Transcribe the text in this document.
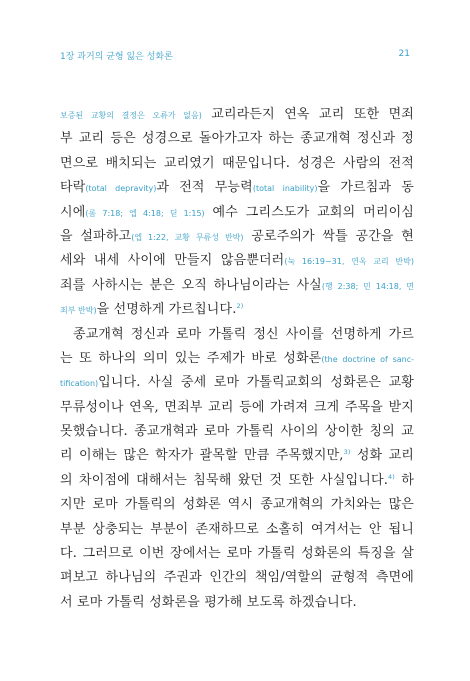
1장 과거의 균형 잃은 성화론	21
보증된 교황의 결정은 오류가 없음) 교리라든지 연옥 교리 또한 면죄
부 교리 등은 성경으로 돌아가고자 하는 종교개혁 정신과 정
면으로 배치되는 교리였기 때문입니다. 성경은 사람의 전적
타락(total depravity)과 전적 무능력(total inability)을 가르침과 동
시에(롬 7:18; 엡 4:18; 딛 1:15) 예수 그리스도가 교회의 머리이심
을 설파하고(엡 1:22, 교황 무류성 반박) 공로주의가 싹틀 공간을 현
세와 내세 사이에 만들지 않음뿐더러(눅 16:19~31, 연옥 교리 반박)
죄를 사하시는 분은 오직 하나님이라는 사실(행 2:38; 민 14:18, 면
죄부 반박)을 선명하게 가르칩니다.$^{2)}$
종교개혁 정신과 로마 가톨릭 정신 사이를 선명하게 가르
는 또 하나의 의미 있는 주제가 바로 성화론(the doctrine of sanc-
tification)입니다. 사실 중세 로마 가톨릭교회의 성화론은 교황
무류성이나 연옥, 면죄부 교리 등에 가려져 크게 주목을 받지
못했습니다. 종교개혁과 로마 가톨릭 사이의 상이한 칭의 교
리 이해는 많은 학자가 괄목할 만큼 주목했지만,$^{3)}$ 성화 교리
의 차이점에 대해서는 침묵해 왔던 것 또한 사실입니다.$^{4)}$ 하
지만 로마 가톨릭의 성화론 역시 종교개혁의 가치와는 많은
부분 상충되는 부분이 존재하므로 소홀히 여겨서는 안 됩니
다. 그러므로 이번 장에서는 로마 가톨릭 성화론의 특징을 살
펴보고 하나님의 주권과 인간의 책임/역할의 균형적 측면에
서 로마 가톨릭 성화론을 평가해 보도록 하겠습니다.
